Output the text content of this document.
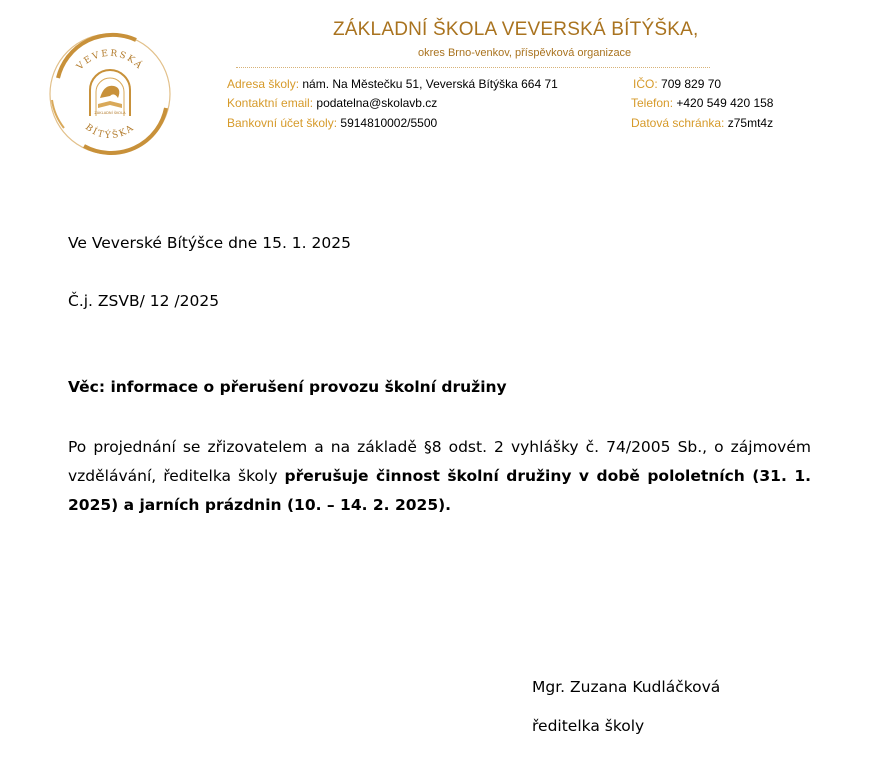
VEVERSKÁ
BÍTÝŠKA
ZÁKLADNÍ ŠKOLA
ZÁKLADNÍ ŠKOLA VEVERSKÁ BÍTÝŠKA,
okres Brno-venkov, příspěvková organizace
Adresa školy: nám. Na Městečku 51, Veverská Bítýška 664 71	IČO: 709 829 70
Kontaktní email: podatelna@skolavb.cz	Telefon: +420 549 420 158
Bankovní účet školy: 5914810002/5500	Datová schránka: z75mt4z
Ve Veverské Bítýšce dne 15. 1. 2025
Č.j. ZSVB/ 12 /2025
Věc: informace o přerušení provozu školní družiny
Po projednání se zřizovatelem a na základě §8 odst. 2 vyhlášky č. 74/2005 Sb., o zájmovém vzdělávání, ředitelka školy přerušuje činnost školní družiny v době pololetních (31. 1. 2025) a jarních prázdnin (10. – 14. 2. 2025).
Mgr. Zuzana Kudláčková
ředitelka školy
